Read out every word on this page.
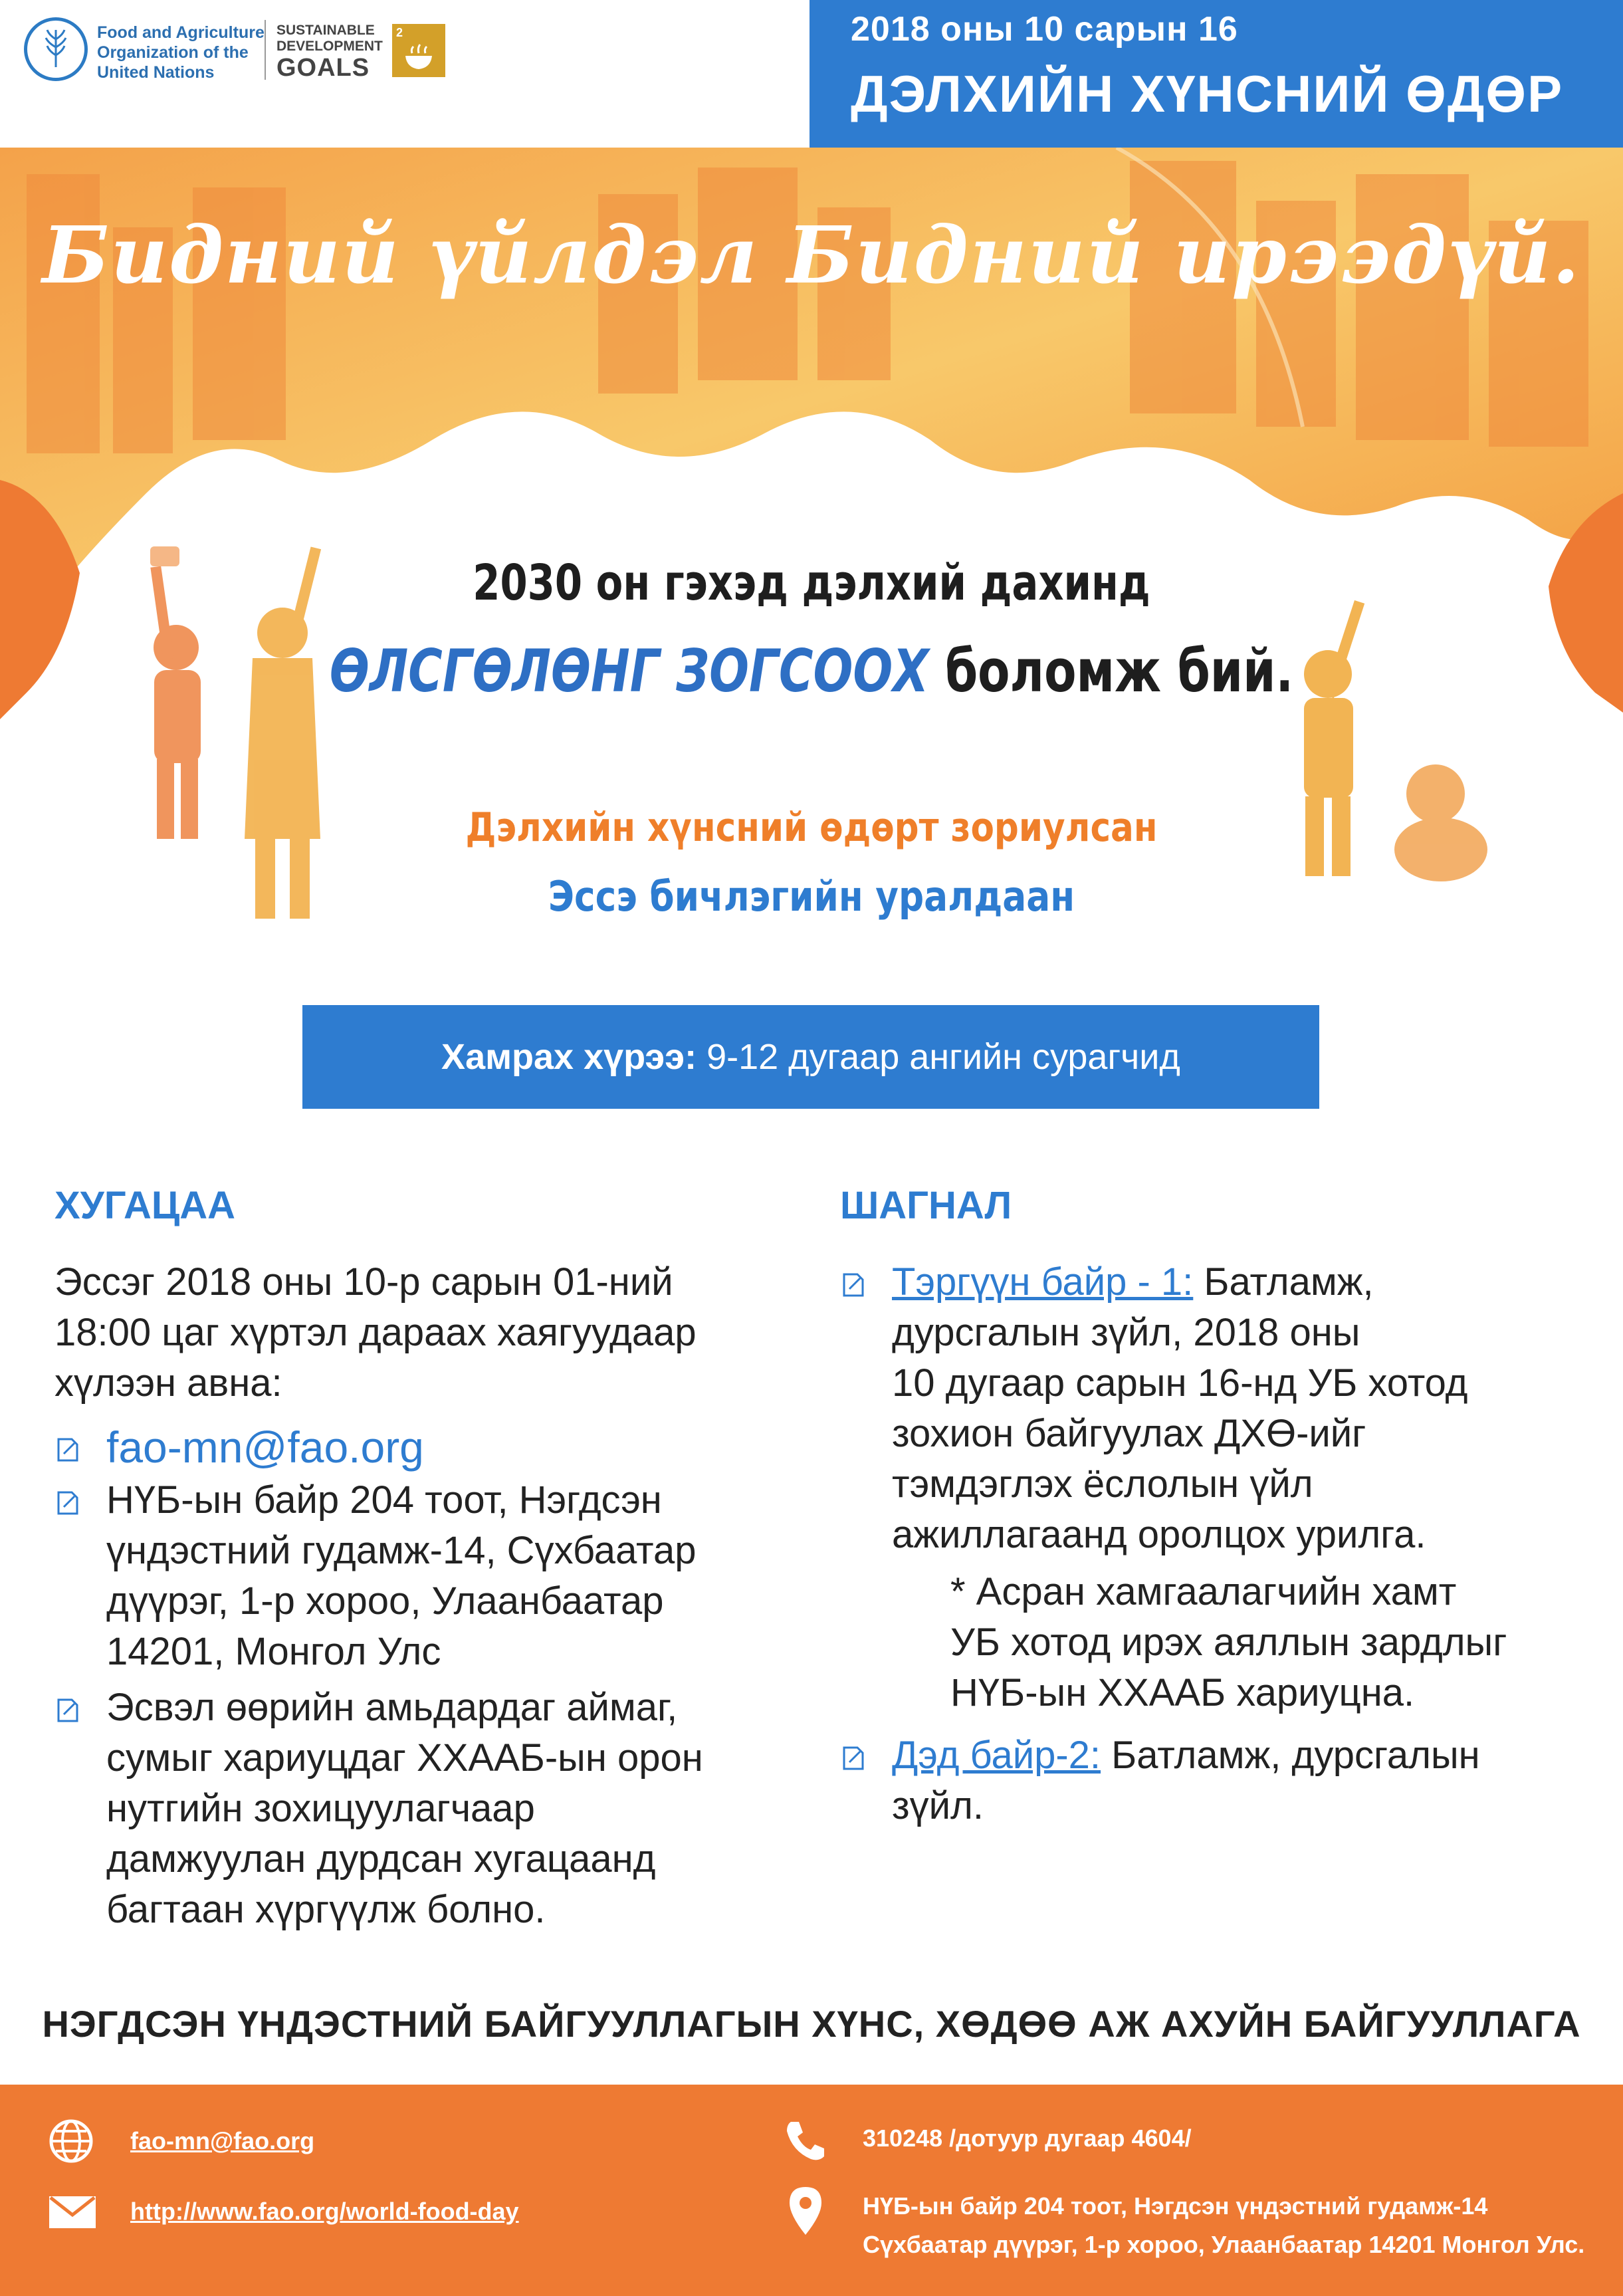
Food and Agriculture
Organization of the
United Nations
SUSTAINABLE
DEVELOPMENT
GOALS
2	2018 оны 10 сарын 16
ДЭЛХИЙН ХҮНСНИЙ ӨДӨР
Бидний үйлдэл Бидний ирээдүй.
2030 он гэхэд дэлхий дахинд
ӨЛСГӨЛӨНГ ЗОГСООХ боломж бий.
Дэлхийн хүнсний өдөрт зориулсан
Эссэ бичлэгийн уралдаан
Хамрах хүрээ: 9-12 дугаар ангийн сурагчид
ХУГАЦАА

Эссэг 2018 оны 10-р сарын 01-ний
18:00 цаг хүртэл дараах хаягуудаар
хүлээн авна:

fao-mn@fao.org
НҮБ-ын байр 204 тоот, Нэгдсэн
үндэстний гудамж-14, Сүхбаатар
дүүрэг, 1-р хороо, Улаанбаатар
14201, Монгол Улс
Эсвэл өөрийн амьдардаг аймаг,
сумыг хариуцдаг ХХААБ-ын орон
нутгийн зохицуулагчаар
дамжуулан дурдсан хугацаанд
багтаан хүргүүлж болно.
ШАГНАЛ
Тэргүүн байр - 1: Батламж,
дурсгалын зүйл, 2018 оны
10 дугаар сарын 16-нд УБ хотод
зохион байгуулах ДХӨ-ийг
тэмдэглэх ёслолын үйл
ажиллагаанд оролцох урилга.
* Асран хамгаалагчийн хамт
УБ хотод ирэх аяллын зардлыг
НҮБ-ын ХХААБ хариуцна.
Дэд байр-2: Батламж, дурсгалын
зүйл.
НЭГДСЭН ҮНДЭСТНИЙ БАЙГУУЛЛАГЫН ХҮНС, ХӨДӨӨ АЖ АХУЙН БАЙГУУЛЛАГА
fao-mn@fao.org
http://www.fao.org/world-food-day
310248 /дотуур дугаар 4604/
НҮБ-ын байр 204 тоот, Нэгдсэн үндэстний гудамж-14
Сүхбаатар дүүрэг, 1-р хороо, Улаанбаатар 14201 Монгол Улс.
